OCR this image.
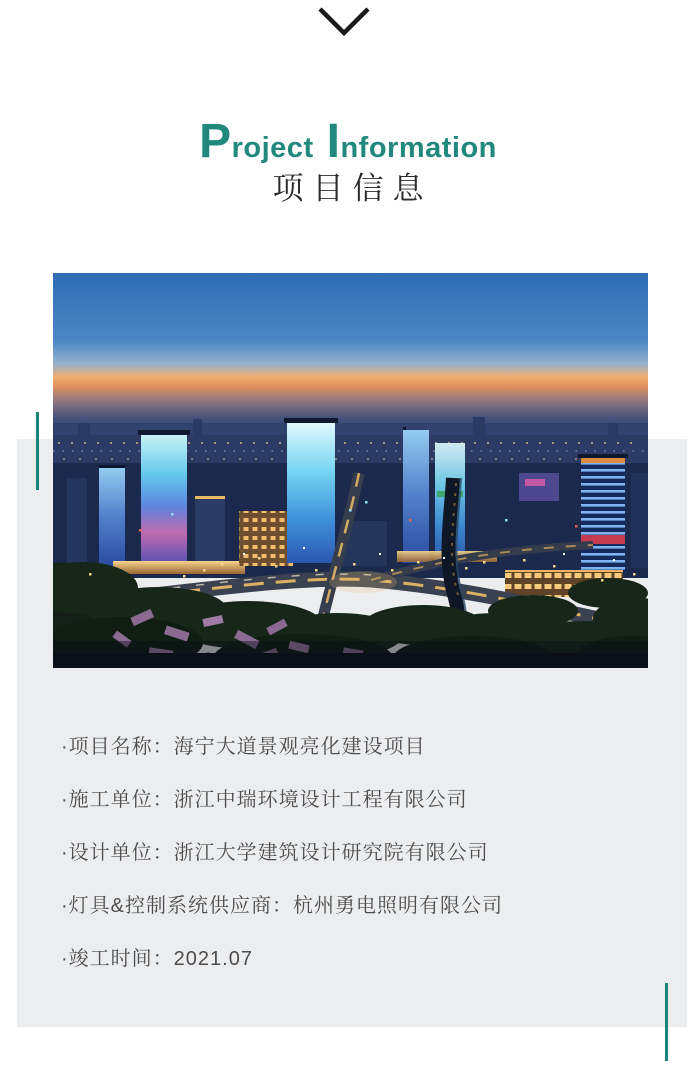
P roject I nformation
项目信息
·项目名称：海宁大道景观亮化建设项目
·施工单位：浙江中瑞环境设计工程有限公司
·设计单位：浙江大学建筑设计研究院有限公司
·灯具&控制系统供应商：杭州勇电照明有限公司
·竣工时间：2021.07
